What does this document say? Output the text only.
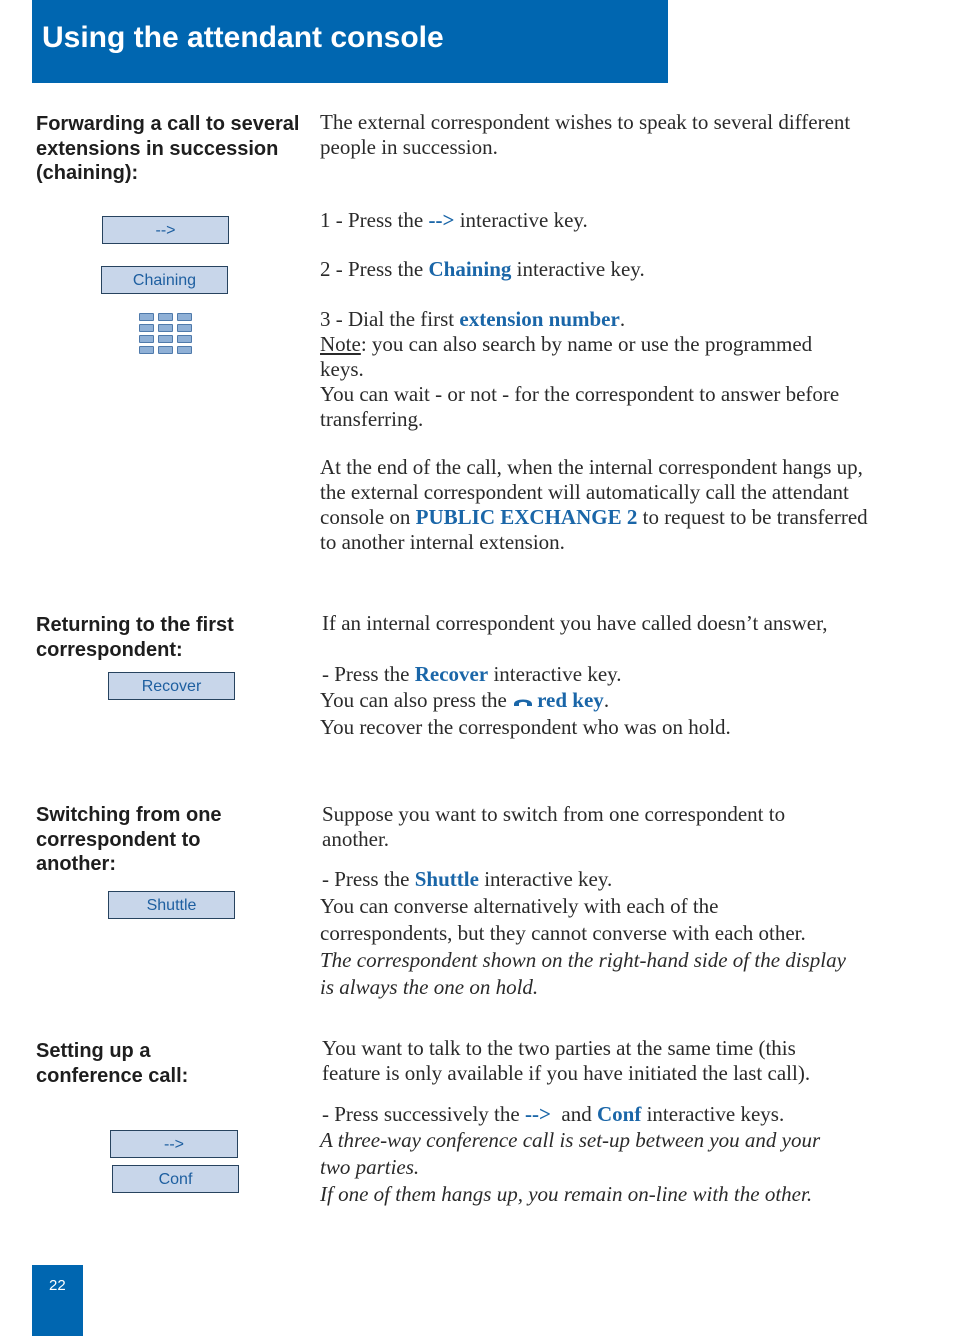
Using the attendant console
Forwarding a call to several
extensions in succession
(chaining):
-->
Chaining

The external correspondent wishes to speak to several different

people in succession.

1 - Press the --> interactive key.
2 - Press the Chaining interactive key.

3 - Dial the first extension number.

Note: you can also search by name or use the programmed

keys.

You can wait - or not - for the correspondent to answer before

transferring.

At the end of the call, when the internal correspondent hangs up,

the external correspondent will automatically call the attendant

console on PUBLIC EXCHANGE 2 to request to be transferred

to another internal extension.

Returning to the first
correspondent:
Recover

If an internal correspondent you have called doesn’t answer,

- Press the Recover interactive key.

You can also press the red key.

You recover the correspondent who was on hold.

Switching from one
correspondent to
another:
Shuttle

Suppose you want to switch from one correspondent to

another.

- Press the Shuttle interactive key.

You can converse alternatively with each of the

correspondents, but they cannot converse with each other.

The correspondent shown on the right-hand side of the display

is always the one on hold.

Setting up a
conference call:
-->
Conf

You want to talk to the two parties at the same time (this

feature is only available if you have initiated the last call).

- Press successively the -->  and Conf interactive keys.

A three-way conference call is set-up between you and your

two parties.

If one of them hangs up, you remain on-line with the other.

22
